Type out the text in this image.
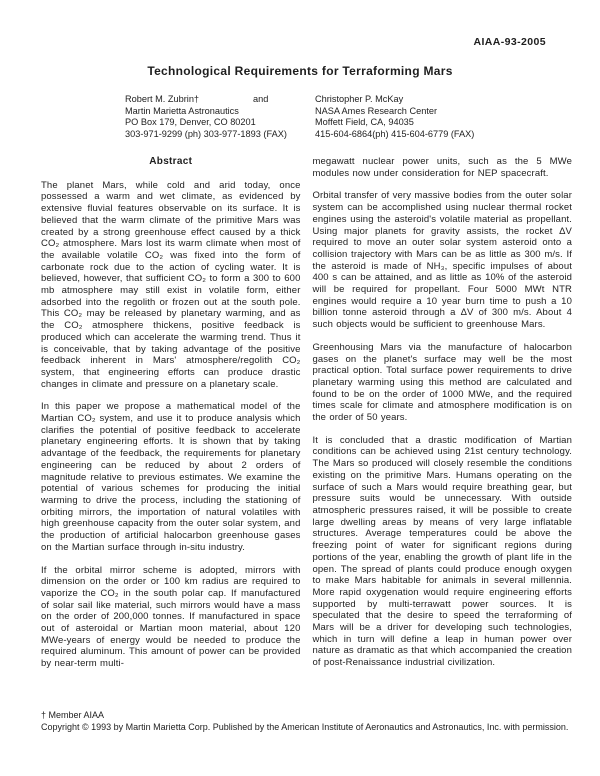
AIAA-93-2005
Technological Requirements for Terraforming Mars
Robert M. Zubrin†
Martin Marietta Astronautics
PO Box 179, Denver, CO 80201
303-971-9299 (ph) 303-977-1893 (FAX)
and	Christopher P. McKay
NASA Ames Research Center
Moffett Field, CA, 94035
415-604-6864(ph) 415-604-6779 (FAX)
Abstract

The planet Mars, while cold and arid today, once possessed a warm and wet climate, as evidenced by extensive fluvial features observable on its surface. It is believed that the warm climate of the primitive Mars was created by a strong greenhouse effect caused by a thick CO₂ atmosphere. Mars lost its warm climate when most of the available volatile CO₂ was fixed into the form of carbonate rock due to the action of cycling water. It is believed, however, that sufficient CO₂ to form a 300 to 600 mb atmosphere may still exist in volatile form, either adsorbed into the regolith or frozen out at the south pole. This CO₂ may be released by planetary warming, and as the CO₂ atmosphere thickens, positive feedback is produced which can accelerate the warming trend. Thus it is conceivable, that by taking advantage of the positive feedback inherent in Mars' atmosphere/regolith CO₂ system, that engineering efforts can produce drastic changes in climate and pressure on a planetary scale.

In this paper we propose a mathematical model of the Martian CO₂ system, and use it to produce analysis which clarifies the potential of positive feedback to accelerate planetary engineering efforts. It is shown that by taking advantage of the feedback, the requirements for planetary engineering can be reduced by about 2 orders of magnitude relative to previous estimates. We examine the potential of various schemes for producing the initial warming to drive the process, including the stationing of orbiting mirrors, the importation of natural volatiles with high greenhouse capacity from the outer solar system, and the production of artificial halocarbon greenhouse gases on the Martian surface through in-situ industry.

If the orbital mirror scheme is adopted, mirrors with dimension on the order or 100 km radius are required to vaporize the CO₂ in the south polar cap. If manufactured of solar sail like material, such mirrors would have a mass on the order of 200,000 tonnes. If manufactured in space out of asteroidal or Martian moon material, about 120 MWe-years of energy would be needed to produce the required aluminum. This amount of power can be provided by near-term multi-

megawatt nuclear power units, such as the 5 MWe modules now under consideration for NEP spacecraft.

Orbital transfer of very massive bodies from the outer solar system can be accomplished using nuclear thermal rocket engines using the asteroid's volatile material as propellant. Using major planets for gravity assists, the rocket ΔV required to move an outer solar system asteroid onto a collision trajectory with Mars can be as little as 300 m/s. If the asteroid is made of NH₃, specific impulses of about 400 s can be attained, and as little as 10% of the asteroid will be required for propellant. Four 5000 MWt NTR engines would require a 10 year burn time to push a 10 billion tonne asteroid through a ΔV of 300 m/s. About 4 such objects would be sufficient to greenhouse Mars.

Greenhousing Mars via the manufacture of halocarbon gases on the planet's surface may well be the most practical option. Total surface power requirements to drive planetary warming using this method are calculated and found to be on the order of 1000 MWe, and the required times scale for climate and atmosphere modification is on the order of 50 years.

It is concluded that a drastic modification of Martian conditions can be achieved using 21st century technology. The Mars so produced will closely resemble the conditions existing on the primitive Mars. Humans operating on the surface of such a Mars would require breathing gear, but pressure suits would be unnecessary. With outside atmospheric pressures raised, it will be possible to create large dwelling areas by means of very large inflatable structures. Average temperatures could be above the freezing point of water for significant regions during portions of the year, enabling the growth of plant life in the open. The spread of plants could produce enough oxygen to make Mars habitable for animals in several millennia. More rapid oxygenation would require engineering efforts supported by multi-terrawatt power sources. It is speculated that the desire to speed the terraforming of Mars will be a driver for developing such technologies, which in turn will define a leap in human power over nature as dramatic as that which accompanied the creation of post-Renaissance industrial civilization.

† Member AIAA
Copyright © 1993 by Martin Marietta Corp. Published by the American Institute of Aeronautics and Astronautics, Inc. with permission.
